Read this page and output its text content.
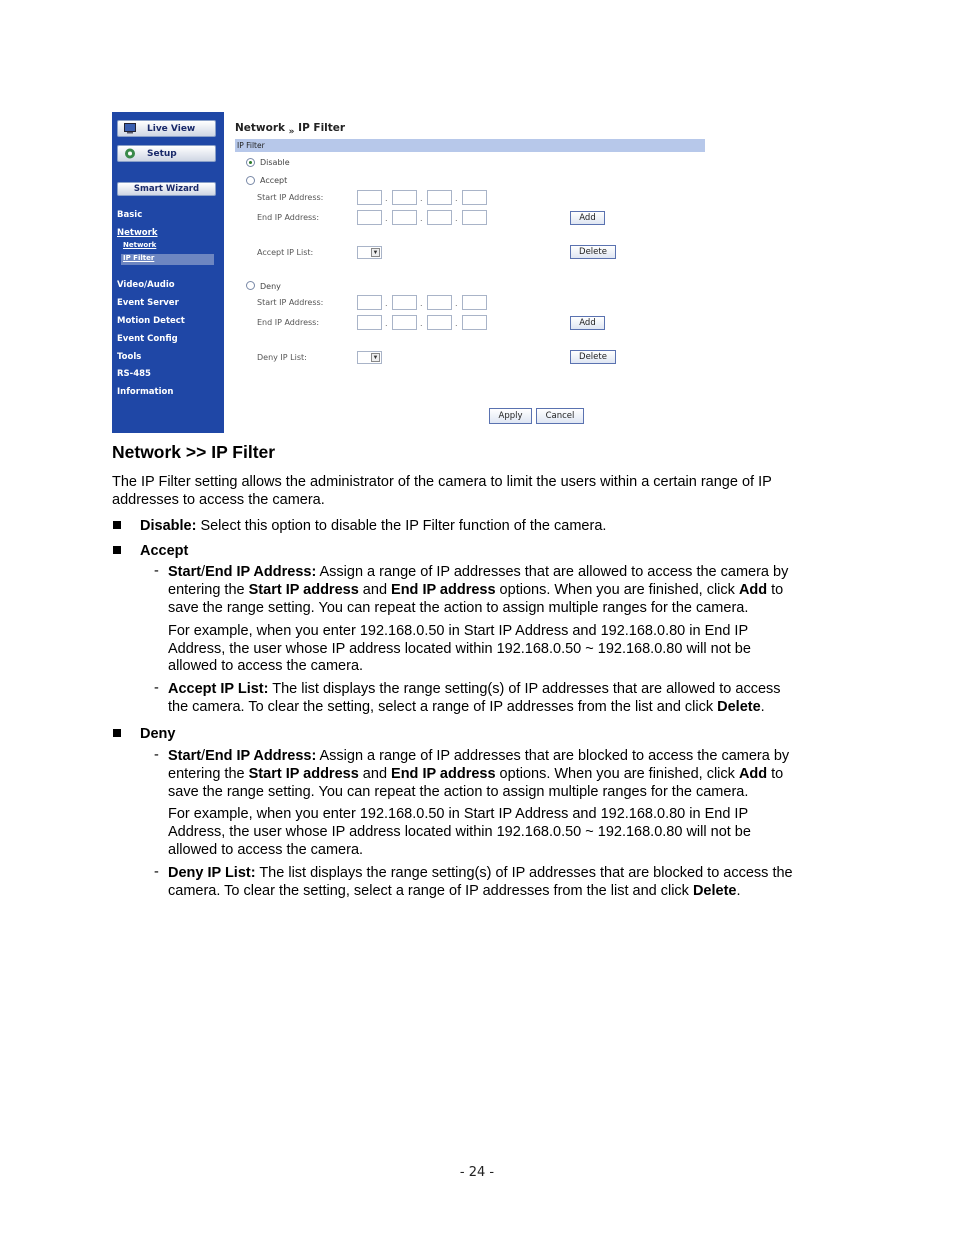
Live View
Setup
Smart Wizard
Basic
Network
Network
IP Filter
Video/Audio
Event Server
Motion Detect
Event Config
Tools
RS-485
Information
Network » IP Filter
IP Filter
Disable
Accept
Start IP Address:	.	.	.
End IP Address:	.	.	.	Add
Accept IP List:	▼	Delete
Deny
Start IP Address:	.	.	.
End IP Address:	.	.	.	Add
Deny IP List:	▼	Delete
Apply	Cancel
Network >> IP Filter
The IP Filter setting allows the administrator of the camera to limit the users within a certain range of IP
addresses to access the camera.
Disable: Select this option to disable the IP Filter function of the camera.
Accept
- Start/End IP Address: Assign a range of IP addresses that are allowed to access the camera by
entering the Start IP address and End IP address options. When you are finished, click Add to
save the range setting. You can repeat the action to assign multiple ranges for the camera.
For example, when you enter 192.168.0.50 in Start IP Address and 192.168.0.80 in End IP
Address, the user whose IP address located within 192.168.0.50 ~ 192.168.0.80 will not be
allowed to access the camera.
- Accept IP List: The list displays the range setting(s) of IP addresses that are allowed to access
the camera. To clear the setting, select a range of IP addresses from the list and click Delete.
Deny
- Start/End IP Address: Assign a range of IP addresses that are blocked to access the camera by
entering the Start IP address and End IP address options. When you are finished, click Add to
save the range setting. You can repeat the action to assign multiple ranges for the camera.
For example, when you enter 192.168.0.50 in Start IP Address and 192.168.0.80 in End IP
Address, the user whose IP address located within 192.168.0.50 ~ 192.168.0.80 will not be
allowed to access the camera.
- Deny IP List: The list displays the range setting(s) of IP addresses that are blocked to access the
camera. To clear the setting, select a range of IP addresses from the list and click Delete.
- 24 -
